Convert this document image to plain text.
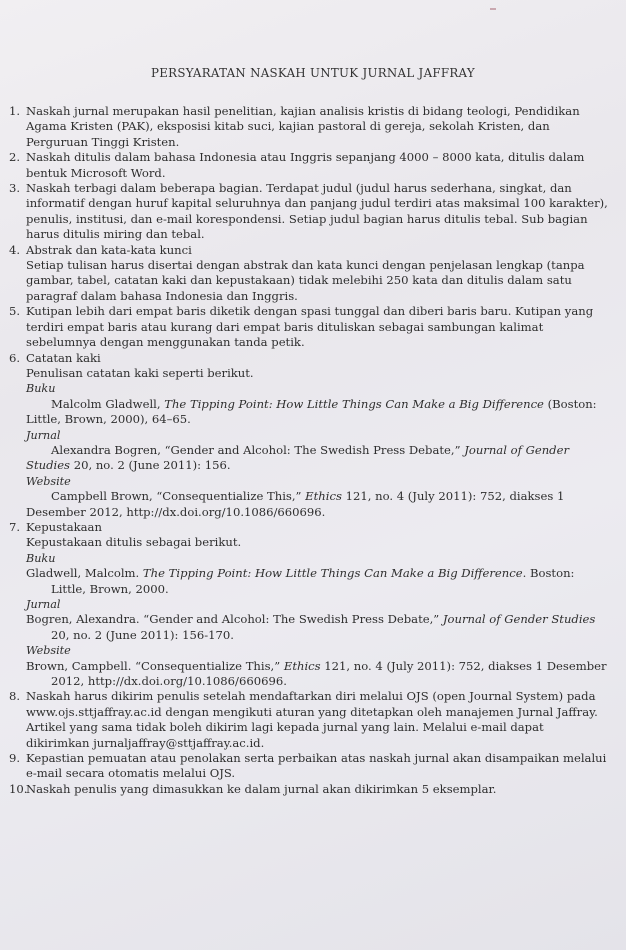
PERSYARATAN NASKAH UNTUK JURNAL JAFFRAY
1. Naskah jurnal merupakan hasil penelitian, kajian analisis kristis di bidang teologi, Pendidikan Agama Kristen (PAK), eksposisi kitab suci, kajian pastoral di gereja, sekolah Kristen, dan Perguruan Tinggi Kristen.
2. Naskah ditulis dalam bahasa Indonesia atau Inggris sepanjang 4000 – 8000 kata, ditulis dalam bentuk Microsoft Word.
3. Naskah terbagi dalam beberapa bagian. Terdapat judul (judul harus sederhana, singkat, dan informatif dengan huruf kapital seluruhnya dan panjang judul terdiri atas maksimal 100 karakter), penulis, institusi, dan e-mail korespondensi. Setiap judul bagian harus ditulis tebal. Sub bagian harus ditulis miring dan tebal.
4. Abstrak dan kata-kata kunci
Setiap tulisan harus disertai dengan abstrak dan kata kunci dengan penjelasan lengkap (tanpa gambar, tabel, catatan kaki dan kepustakaan) tidak melebihi 250 kata dan ditulis dalam satu paragraf dalam bahasa Indonesia dan Inggris.
5. Kutipan lebih dari empat baris diketik dengan spasi tunggal dan diberi baris baru. Kutipan yang terdiri empat baris atau kurang dari empat baris dituliskan sebagai sambungan kalimat sebelumnya dengan menggunakan tanda petik.
6. Catatan kaki
Penulisan catatan kaki seperti berikut.
Buku
Malcolm Gladwell, The Tipping Point: How Little Things Can Make a Big Difference (Boston: Little, Brown, 2000), 64–65.
Jurnal
Alexandra Bogren, “Gender and Alcohol: The Swedish Press Debate,” Journal of Gender Studies 20, no. 2 (June 2011): 156.
Website
Campbell Brown, “Consequentialize This,” Ethics 121, no. 4 (July 2011): 752, diakses 1 Desember 2012, http://dx.doi.org/10.1086/660696.
7. Kepustakaan
Kepustakaan ditulis sebagai berikut.
Buku
Gladwell, Malcolm. The Tipping Point: How Little Things Can Make a Big Difference. Boston: Little, Brown, 2000.
Jurnal
Bogren, Alexandra. “Gender and Alcohol: The Swedish Press Debate,” Journal of Gender Studies 20, no. 2 (June 2011): 156-170.
Website
Brown, Campbell. “Consequentialize This,” Ethics 121, no. 4 (July 2011): 752, diakses 1 Desember 2012, http://dx.doi.org/10.1086/660696.
8. Naskah harus dikirim penulis setelah mendaftarkan diri melalui OJS (open Journal System) pada www.ojs.sttjaffray.ac.id dengan mengikuti aturan yang ditetapkan oleh manajemen Jurnal Jaffray. Artikel yang sama tidak boleh dikirim lagi kepada jurnal yang lain. Melalui e-mail dapat dikirimkan jurnaljaffray@sttjaffray.ac.id.
9. Kepastian pemuatan atau penolakan serta perbaikan atas naskah jurnal akan disampaikan melalui e-mail secara otomatis melalui OJS.
10.
Naskah penulis yang dimasukkan ke dalam jurnal akan dikirimkan 5 eksemplar.
